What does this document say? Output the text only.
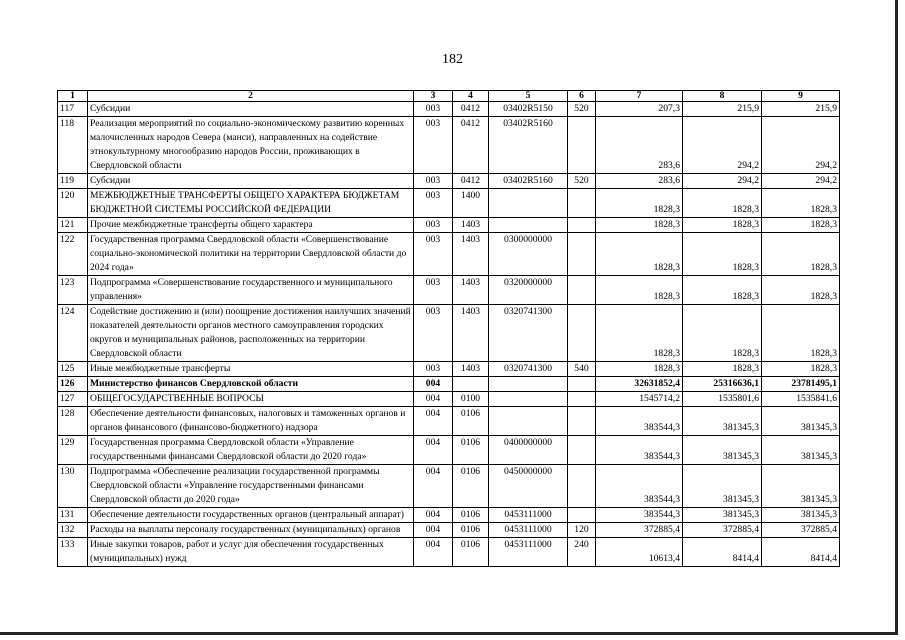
182
1	2	3	4	5	6	7	8	9
117	Субсидии	003	0412	03402R5150	520	207,3	215,9	215,9
118	Реализация мероприятий по социально-экономическому развитию коренных малочисленных народов Севера (манси), направленных на содействие этнокультурному многообразию народов России, проживающих в Свердловской области	003	0412	03402R5160		283,6	294,2	294,2
119	Субсидии	003	0412	03402R5160	520	283,6	294,2	294,2
120	МЕЖБЮДЖЕТНЫЕ ТРАНСФЕРТЫ ОБЩЕГО ХАРАКТЕРА БЮДЖЕТАМ БЮДЖЕТНОЙ СИСТЕМЫ РОССИЙСКОЙ ФЕДЕРАЦИИ	003	1400			1828,3	1828,3	1828,3
121	Прочие межбюджетные трансферты общего характера	003	1403			1828,3	1828,3	1828,3
122	Государственная программа Свердловской области «Совершенствование социально-экономической политики на территории Свердловской области до 2024 года»	003	1403	0300000000		1828,3	1828,3	1828,3
123	Подпрограмма «Совершенствование государственного и муниципального управления»	003	1403	0320000000		1828,3	1828,3	1828,3
124	Содействие достижению и (или) поощрение достижения наилучших значений показателей деятельности органов местного самоуправления городских округов и муниципальных районов, расположенных на территории Свердловской области	003	1403	0320741300		1828,3	1828,3	1828,3
125	Иные межбюджетные трансферты	003	1403	0320741300	540	1828,3	1828,3	1828,3
126	Министерство финансов Свердловской области	004				32631852,4	25316636,1	23781495,1
127	ОБЩЕГОСУДАРСТВЕННЫЕ ВОПРОСЫ	004	0100			1545714,2	1535801,6	1535841,6
128	Обеспечение деятельности финансовых, налоговых и таможенных органов и органов финансового (финансово-бюджетного) надзора	004	0106			383544,3	381345,3	381345,3
129	Государственная программа Свердловской области «Управление государственными финансами Свердловской области до 2020 года»	004	0106	0400000000		383544,3	381345,3	381345,3
130	Подпрограмма «Обеспечение реализации государственной программы Свердловской области «Управление государственными финансами Свердловской области до 2020 года»	004	0106	0450000000		383544,3	381345,3	381345,3
131	Обеспечение деятельности государственных органов (центральный аппарат)	004	0106	0453111000		383544,3	381345,3	381345,3
132	Расходы на выплаты персоналу государственных (муниципальных) органов	004	0106	0453111000	120	372885,4	372885,4	372885,4
133	Иные закупки товаров, работ и услуг для обеспечения государственных (муниципальных) нужд	004	0106	0453111000	240	10613,4	8414,4	8414,4
